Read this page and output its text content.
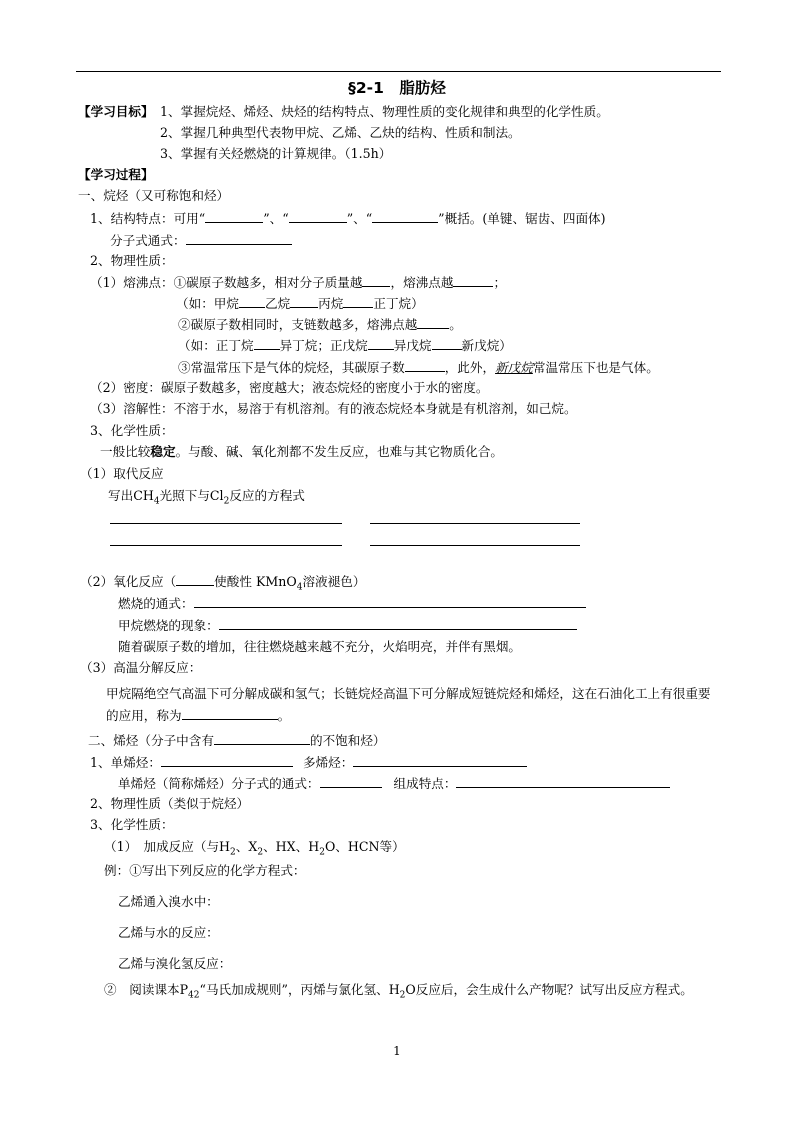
§2-1　脂肪烃
【学习目标】 1、掌握烷烃、烯烃、炔烃的结构特点、物理性质的变化规律和典型的化学性质。
2、掌握几种典型代表物甲烷、乙烯、乙炔的结构、性质和制法。
3、掌握有关烃燃烧的计算规律。（1.5h）
【学习过程】
一、烷烃（又可称饱和烃）
1、结构特点：可用“	”、“	”、“	”概括。(单键、锯齿、四面体)
分子式通式：
2、物理性质：
（1）熔沸点：①碳原子数越多，相对分子质量越 ，熔沸点越	；
（如：甲烷 乙烷 丙烷 正丁烷）
②碳原子数相同时，支链数越多，熔沸点越	。
（如：正丁烷 异丁烷；正戊烷 异戊烷 新戊烷）
③常温常压下是气体的烷烃，其碳原子数	，此外，新戊烷常温常压下也是气体。
（2）密度：碳原子数越多，密度越大；液态烷烃的密度小于水的密度。
（3）溶解性：不溶于水，易溶于有机溶剂。有的液态烷烃本身就是有机溶剂，如己烷。
3、化学性质：
一般比较稳定。与酸、碱、氧化剂都不发生反应，也难与其它物质化合。
（1）取代反应
写出$CH_4$光照下与$Cl_2$反应的方程式
（2）氧化反应（	使酸性 KMnO$_4$溶液褪色）
燃烧的通式：
甲烷燃烧的现象：
随着碳原子数的增加，往往燃烧越来越不充分，火焰明亮，并伴有黑烟。
（3）高温分解反应：
甲烷隔绝空气高温下可分解成碳和氢气；长链烷烃高温下可分解成短链烷烃和烯烃，这在石油化工上有很重要的应用，称为	。
二、烯烃（分子中含有	的不饱和烃）
1、单烯烃：	多烯烃：
单烯烃（简称烯烃）分子式的通式：	组成特点：
2、物理性质（类似于烷烃）
3、化学性质：
（1）　加成反应（与$H_2$、$X_2$、HX、$H_2O$、HCN等）
例：①写出下列反应的化学方程式：
乙烯通入溴水中：
乙烯与水的反应：
乙烯与溴化氢反应：
②　阅读课本$P_{42}“$马氏加成规则”，丙烯与氯化氢、$H_2O$反应后，会生成什么产物呢？试写出反应方程式。
1
